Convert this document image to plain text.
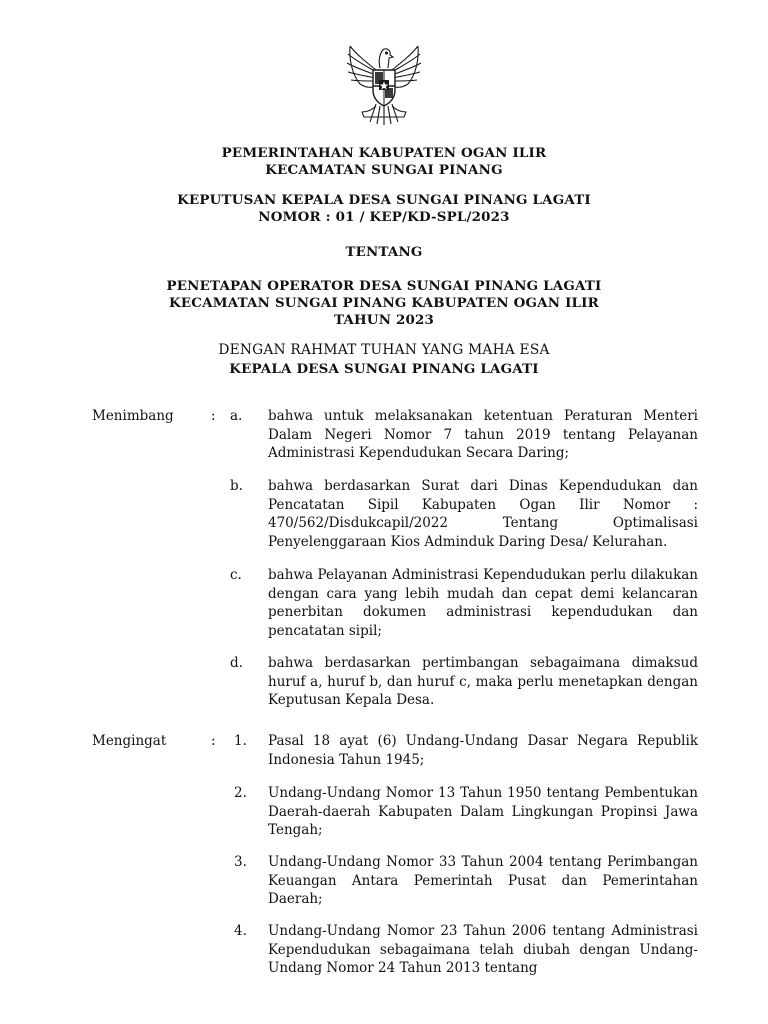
PEMERINTAHAN KABUPATEN OGAN ILIR
KECAMATAN SUNGAI PINANG
KEPUTUSAN KEPALA DESA SUNGAI PINANG LAGATI
NOMOR : 01 / KEP/KD-SPL/2023
TENTANG
PENETAPAN OPERATOR DESA SUNGAI PINANG LAGATI
KECAMATAN SUNGAI PINANG KABUPATEN OGAN ILIR
TAHUN 2023
DENGAN RAHMAT TUHAN YANG MAHA ESA
KEPALA DESA SUNGAI PINANG LAGATI
Menimbang	: a. bahwa untuk melaksanakan ketentuan Peraturan Menteri Dalam Negeri Nomor 7 tahun 2019 tentang Pelayanan Administrasi Kependudukan Secara Daring;
b. bahwa berdasarkan Surat dari Dinas Kependudukan dan Pencatatan Sipil Kabupaten Ogan Ilir Nomor : 470/562/Disdukcapil/2022 Tentang Optimalisasi Penyelenggaraan Kios Adminduk Daring Desa/ Kelurahan.
c. bahwa Pelayanan Administrasi Kependudukan perlu dilakukan dengan cara yang lebih mudah dan cepat demi kelancaran penerbitan dokumen administrasi kependudukan dan pencatatan sipil;
d. bahwa berdasarkan pertimbangan sebagaimana dimaksud huruf a, huruf b, dan huruf c, maka perlu menetapkan dengan Keputusan Kepala Desa.
Mengingat	: 1. Pasal 18 ayat (6) Undang-Undang Dasar Negara Republik Indonesia Tahun 1945;
2. Undang-Undang Nomor 13 Tahun 1950 tentang Pembentukan Daerah-daerah Kabupaten Dalam Lingkungan Propinsi Jawa Tengah;
3. Undang-Undang Nomor 33 Tahun 2004 tentang Perimbangan Keuangan Antara Pemerintah Pusat dan Pemerintahan Daerah;
4. Undang-Undang Nomor 23 Tahun 2006 tentang Administrasi Kependudukan sebagaimana telah diubah dengan Undang-Undang Nomor 24 Tahun 2013 tentang
